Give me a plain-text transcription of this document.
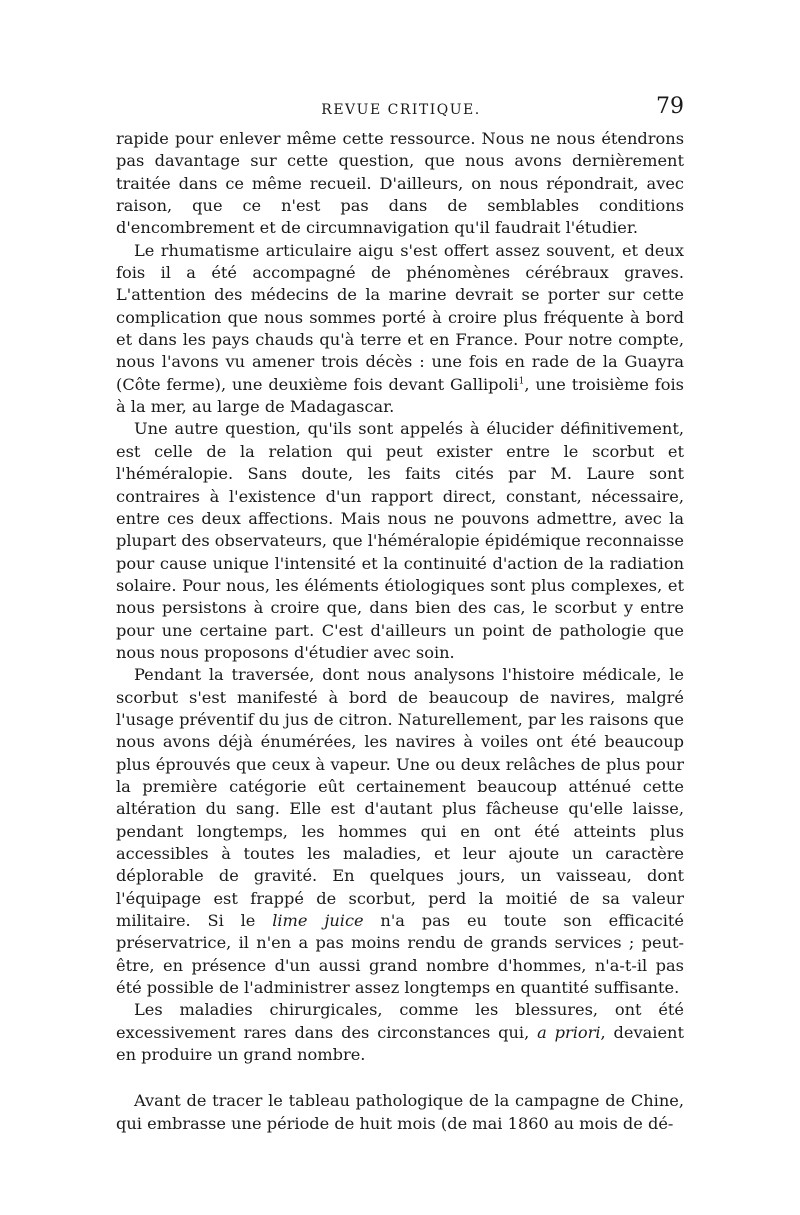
REVUE CRITIQUE.	79

rapide pour enlever même cette ressource. Nous ne nous étendrons pas davantage sur cette question, que nous avons dernièrement traitée dans ce même recueil. D'ailleurs, on nous répondrait, avec raison, que ce n'est pas dans de semblables conditions d'encombrement et de circumnavigation qu'il faudrait l'étudier.

Le rhumatisme articulaire aigu s'est offert assez souvent, et deux fois il a été accompagné de phénomènes cérébraux graves. L'attention des médecins de la marine devrait se porter sur cette complication que nous sommes porté à croire plus fréquente à bord et dans les pays chauds qu'à terre et en France. Pour notre compte, nous l'avons vu amener trois décès : une fois en rade de la Guayra (Côte ferme), une deuxième fois devant Gallipoli$^1$, une troisième fois à la mer, au large de Madagascar.

Une autre question, qu'ils sont appelés à élucider définitivement, est celle de la relation qui peut exister entre le scorbut et l'héméralopie. Sans doute, les faits cités par M. Laure sont contraires à l'existence d'un rapport direct, constant, nécessaire, entre ces deux affections. Mais nous ne pouvons admettre, avec la plupart des observateurs, que l'héméralopie épidémique reconnaisse pour cause unique l'intensité et la continuité d'action de la radiation solaire. Pour nous, les éléments étiologiques sont plus complexes, et nous persistons à croire que, dans bien des cas, le scorbut y entre pour une certaine part. C'est d'ailleurs un point de pathologie que nous nous proposons d'étudier avec soin.

Pendant la traversée, dont nous analysons l'histoire médicale, le scorbut s'est manifesté à bord de beaucoup de navires, malgré l'usage préventif du jus de citron. Naturellement, par les raisons que nous avons déjà énumérées, les navires à voiles ont été beaucoup plus éprouvés que ceux à vapeur. Une ou deux relâches de plus pour la première catégorie eût certainement beaucoup atténué cette altération du sang. Elle est d'autant plus fâcheuse qu'elle laisse, pendant longtemps, les hommes qui en ont été atteints plus accessibles à toutes les maladies, et leur ajoute un caractère déplorable de gravité. En quelques jours, un vaisseau, dont l'équipage est frappé de scorbut, perd la moitié de sa valeur militaire. Si le lime juice n'a pas eu toute son efficacité préservatrice, il n'en a pas moins rendu de grands services ; peut-être, en présence d'un aussi grand nombre d'hommes, n'a-t-il pas été possible de l'administrer assez longtemps en quantité suffisante.

Les maladies chirurgicales, comme les blessures, ont été excessivement rares dans des circonstances qui, a priori, devaient en produire un grand nombre.

Avant de tracer le tableau pathologique de la campagne de Chine, qui embrasse une période de huit mois (de mai 1860 au mois de dé-
